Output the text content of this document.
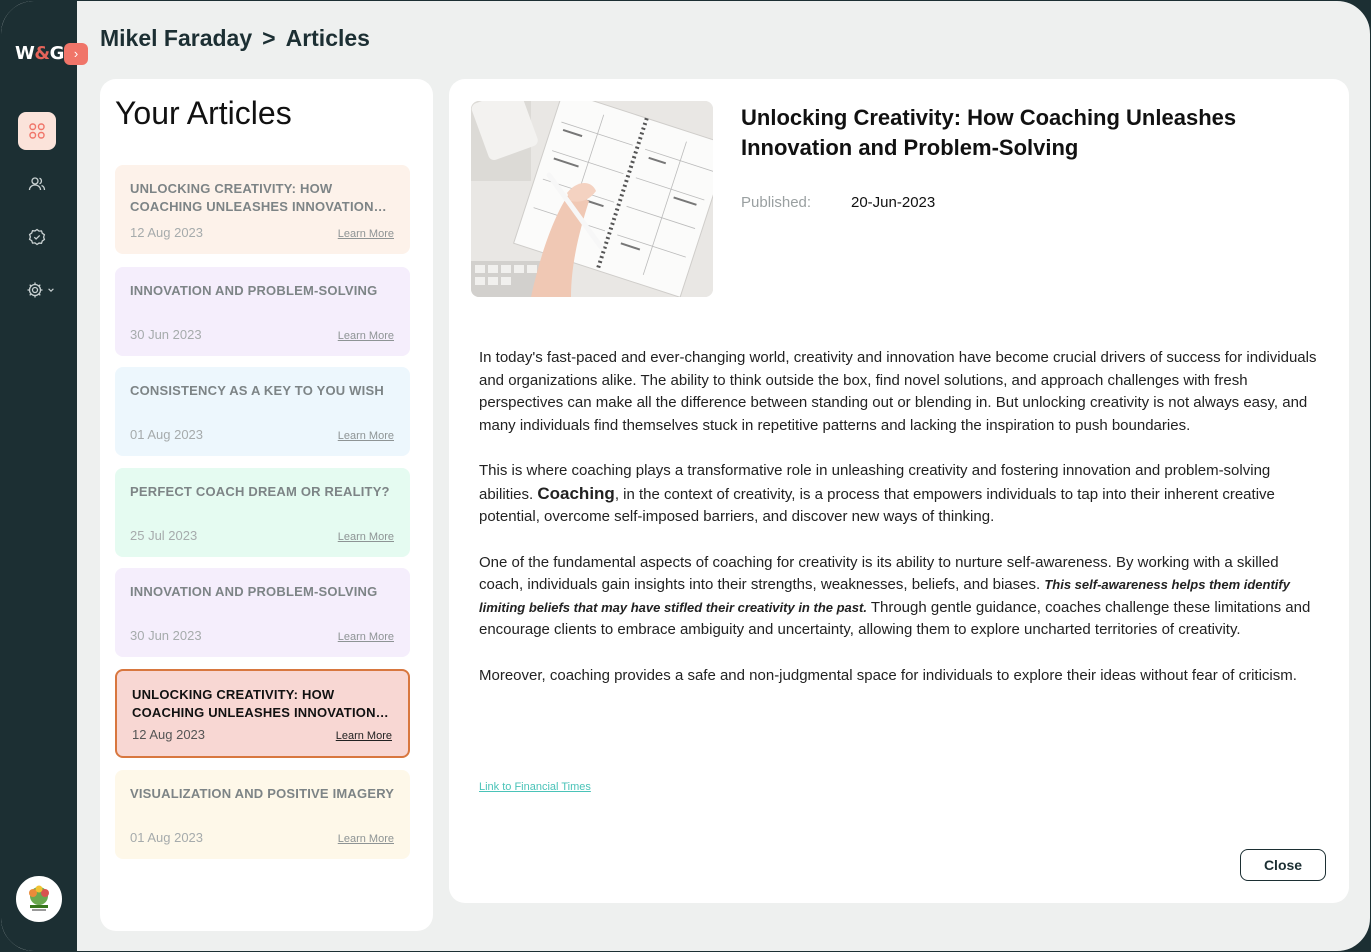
W&G ›
Mikel Faraday > Articles
Your Articles
UNLOCKING CREATIVITY: HOW COACHING UNLEASHES INNOVATION
12 Aug 2023	Learn More
INNOVATION AND PROBLEM-SOLVING
30 Jun 2023	Learn More
CONSISTENCY AS A KEY TO YOU WISH
01 Aug 2023	Learn More
PERFECT COACH DREAM OR REALITY?
25 Jul 2023	Learn More
INNOVATION AND PROBLEM-SOLVING
30 Jun 2023	Learn More
UNLOCKING CREATIVITY: HOW COACHING UNLEASHES INNOVATION
12 Aug 2023	Learn More
VISUALIZATION AND POSITIVE IMAGERY
01 Aug 2023	Learn More
Unlocking Creativity: How Coaching Unleashes Innovation and Problem-Solving
Published:	20-Jun-2023

In today's fast-paced and ever-changing world, creativity and innovation have become crucial drivers of success for individuals and organizations alike. The ability to think outside the box, find novel solutions, and approach challenges with fresh perspectives can make all the difference between standing out or blending in. But unlocking creativity is not always easy, and many individuals find themselves stuck in repetitive patterns and lacking the inspiration to push boundaries.

This is where coaching plays a transformative role in unleashing creativity and fostering innovation and problem-solving abilities. Coaching, in the context of creativity, is a process that empowers individuals to tap into their inherent creative potential, overcome self-imposed barriers, and discover new ways of thinking.

One of the fundamental aspects of coaching for creativity is its ability to nurture self-awareness. By working with a skilled coach, individuals gain insights into their strengths, weaknesses, beliefs, and biases. This self-awareness helps them identify limiting beliefs that may have stifled their creativity in the past. Through gentle guidance, coaches challenge these limitations and encourage clients to embrace ambiguity and uncertainty, allowing them to explore uncharted territories of creativity.

Moreover, coaching provides a safe and non-judgmental space for individuals to explore their ideas without fear of criticism.

Link to Financial Times
Close
